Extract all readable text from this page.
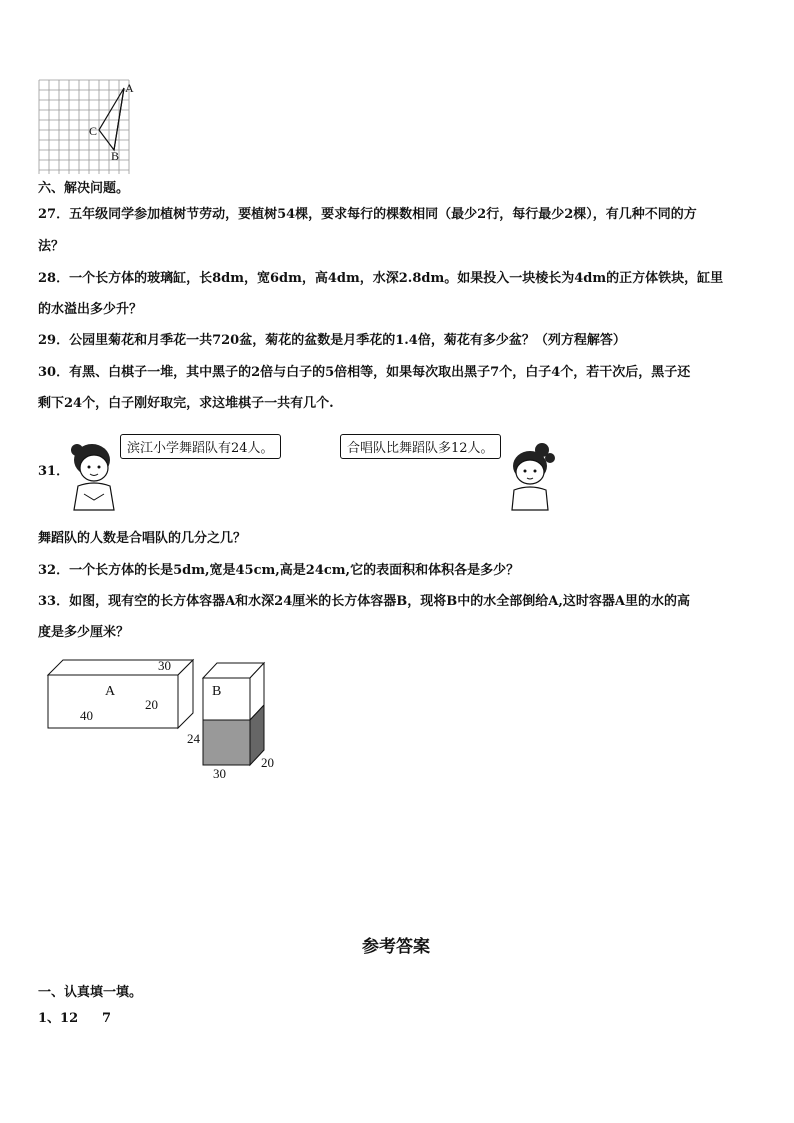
A
C
B
六、解决问题。
27．五年级同学参加植树节劳动，要植树54棵，要求每行的棵数相同（最少2行，每行最少2棵），有几种不同的方
法？
28．一个长方体的玻璃缸，长8dm，宽6dm，高4dm，水深2.8dm。如果投入一块棱长为4dm的正方体铁块，缸里
的水溢出多少升？
29．公园里菊花和月季花一共720盆，菊花的盆数是月季花的1.4倍，菊花有多少盆？（列方程解答）
30．有黑、白棋子一堆，其中黑子的2倍与白子的5倍相等，如果每次取出黑子7个，白子4个，若干次后，黑子还
剩下24个，白子刚好取完，求这堆棋子一共有几个.
31．
滨江小学舞蹈队有24人。	合唱队比舞蹈队多12人。
舞蹈队的人数是合唱队的几分之几？
32．一个长方体的长是5dm,宽是45cm,高是24cm,它的表面积和体积各是多少？
33．如图，现有空的长方体容器A和水深24厘米的长方体容器B，现将B中的水全部倒给A,这时容器A里的水的高
度是多少厘米？
A
30
40
20
B
24
30
20
参考答案
一、认真填一填。
1、12 7
